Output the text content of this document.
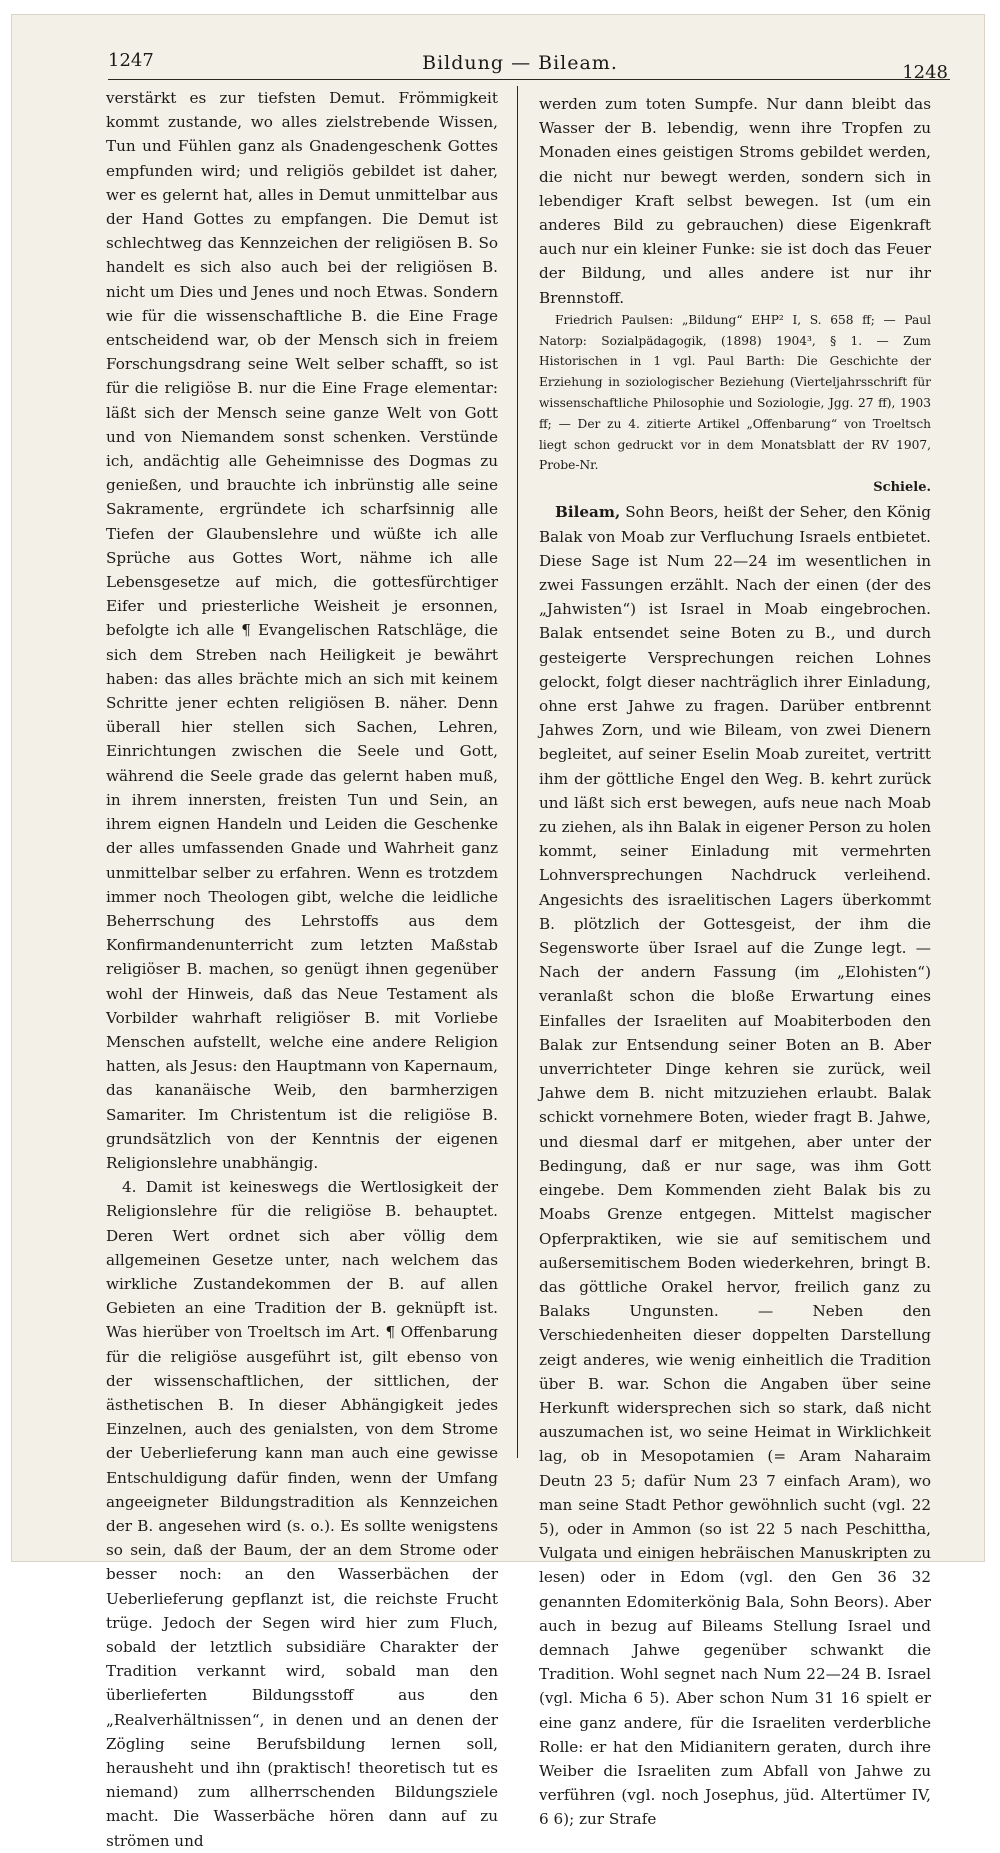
1247	Bildung — Bileam.	1248

verstärkt es zur tiefsten Demut. Frömmigkeit kommt zustande, wo alles zielstrebende Wissen, Tun und Fühlen ganz als Gnadengeschenk Gottes empfunden wird; und religiös gebildet ist daher, wer es gelernt hat, alles in Demut unmittelbar aus der Hand Gottes zu empfangen. Die Demut ist schlechtweg das Kennzeichen der religiösen B. So handelt es sich also auch bei der religiösen B. nicht um Dies und Jenes und noch Etwas. Sondern wie für die wissenschaftliche B. die Eine Frage entscheidend war, ob der Mensch sich in freiem Forschungsdrang seine Welt selber schafft, so ist für die religiöse B. nur die Eine Frage elementar: läßt sich der Mensch seine ganze Welt von Gott und von Niemandem sonst schenken. Verstünde ich, andächtig alle Geheimnisse des Dogmas zu genießen, und brauchte ich inbrünstig alle seine Sakramente, ergründete ich scharfsinnig alle Tiefen der Glaubenslehre und wüßte ich alle Sprüche aus Gottes Wort, nähme ich alle Lebensgesetze auf mich, die gottesfürchtiger Eifer und priesterliche Weisheit je ersonnen, befolgte ich alle ¶ Evangelischen Ratschläge, die sich dem Streben nach Heiligkeit je bewährt haben: das alles brächte mich an sich mit keinem Schritte jener echten religiösen B. näher. Denn überall hier stellen sich Sachen, Lehren, Einrichtungen zwischen die Seele und Gott, während die Seele grade das gelernt haben muß, in ihrem innersten, freisten Tun und Sein, an ihrem eignen Handeln und Leiden die Geschenke der alles umfassenden Gnade und Wahrheit ganz unmittelbar selber zu erfahren. Wenn es trotzdem immer noch Theologen gibt, welche die leidliche Beherrschung des Lehrstoffs aus dem Konfirmandenunterricht zum letzten Maßstab religiöser B. machen, so genügt ihnen gegenüber wohl der Hinweis, daß das Neue Testament als Vorbilder wahrhaft religiöser B. mit Vorliebe Menschen aufstellt, welche eine andere Religion hatten, als Jesus: den Hauptmann von Kapernaum, das kananäische Weib, den barmherzigen Samariter. Im Christentum ist die religiöse B. grundsätzlich von der Kenntnis der eigenen Religionslehre unabhängig.

4. Damit ist keineswegs die Wertlosigkeit der Religionslehre für die religiöse B. behauptet. Deren Wert ordnet sich aber völlig dem allgemeinen Gesetze unter, nach welchem das wirkliche Zustandekommen der B. auf allen Gebieten an eine Tradition der B. geknüpft ist. Was hierüber von Troeltsch im Art. ¶ Offenbarung für die religiöse ausgeführt ist, gilt ebenso von der wissenschaftlichen, der sittlichen, der ästhetischen B. In dieser Abhängigkeit jedes Einzelnen, auch des genialsten, von dem Strome der Ueberlieferung kann man auch eine gewisse Entschuldigung dafür finden, wenn der Umfang angeeigneter Bildungstradition als Kennzeichen der B. angesehen wird (s. o.). Es sollte wenigstens so sein, daß der Baum, der an dem Strome oder besser noch: an den Wasserbächen der Ueberlieferung gepflanzt ist, die reichste Frucht trüge. Jedoch der Segen wird hier zum Fluch, sobald der letztlich subsidiäre Charakter der Tradition verkannt wird, sobald man den überlieferten Bildungsstoff aus den „Realverhältnissen“, in denen und an denen der Zögling seine Berufsbildung lernen soll, herausheht und ihn (praktisch! theoretisch tut es niemand) zum allherrschenden Bildungsziele macht. Die Wasserbäche hören dann auf zu strömen und

werden zum toten Sumpfe. Nur dann bleibt das Wasser der B. lebendig, wenn ihre Tropfen zu Monaden eines geistigen Stroms gebildet werden, die nicht nur bewegt werden, sondern sich in lebendiger Kraft selbst bewegen. Ist (um ein anderes Bild zu gebrauchen) diese Eigenkraft auch nur ein kleiner Funke: sie ist doch das Feuer der Bildung, und alles andere ist nur ihr Brennstoff.

Friedrich Paulsen: „Bildung“ EHP² I, S. 658 ff; — Paul Natorp: Sozialpädagogik, (1898) 1904³, § 1. — Zum Historischen in 1 vgl. Paul Barth: Die Geschichte der Erziehung in soziologischer Beziehung (Vierteljahrsschrift für wissenschaftliche Philosophie und Soziologie, Jgg. 27 ff), 1903 ff; — Der zu 4. zitierte Artikel „Offenbarung“ von Troeltsch liegt schon gedruckt vor in dem Monatsblatt der RV 1907, Probe-Nr.

Schiele.

Bileam, Sohn Beors, heißt der Seher, den König Balak von Moab zur Verfluchung Israels entbietet. Diese Sage ist Num 22—24 im wesentlichen in zwei Fassungen erzählt. Nach der einen (der des „Jahwisten“) ist Israel in Moab eingebrochen. Balak entsendet seine Boten zu B., und durch gesteigerte Versprechungen reichen Lohnes gelockt, folgt dieser nachträglich ihrer Einladung, ohne erst Jahwe zu fragen. Darüber entbrennt Jahwes Zorn, und wie Bileam, von zwei Dienern begleitet, auf seiner Eselin Moab zureitet, vertritt ihm der göttliche Engel den Weg. B. kehrt zurück und läßt sich erst bewegen, aufs neue nach Moab zu ziehen, als ihn Balak in eigener Person zu holen kommt, seiner Einladung mit vermehrten Lohnversprechungen Nachdruck verleihend. Angesichts des israelitischen Lagers überkommt B. plötzlich der Gottesgeist, der ihm die Segensworte über Israel auf die Zunge legt. — Nach der andern Fassung (im „Elohisten“) veranlaßt schon die bloße Erwartung eines Einfalles der Israeliten auf Moabiterboden den Balak zur Entsendung seiner Boten an B. Aber unverrichteter Dinge kehren sie zurück, weil Jahwe dem B. nicht mitzuziehen erlaubt. Balak schickt vornehmere Boten, wieder fragt B. Jahwe, und diesmal darf er mitgehen, aber unter der Bedingung, daß er nur sage, was ihm Gott eingebe. Dem Kommenden zieht Balak bis zu Moabs Grenze entgegen. Mittelst magischer Opferpraktiken, wie sie auf semitischem und außersemitischem Boden wiederkehren, bringt B. das göttliche Orakel hervor, freilich ganz zu Balaks Ungunsten. — Neben den Verschiedenheiten dieser doppelten Darstellung zeigt anderes, wie wenig einheitlich die Tradition über B. war. Schon die Angaben über seine Herkunft widersprechen sich so stark, daß nicht auszumachen ist, wo seine Heimat in Wirklichkeit lag, ob in Mesopotamien (= Aram Naharaim Deutn 23 5; dafür Num 23 7 einfach Aram), wo man seine Stadt Pethor gewöhnlich sucht (vgl. 22 5), oder in Ammon (so ist 22 5 nach Peschittha, Vulgata und einigen hebräischen Manuskripten zu lesen) oder in Edom (vgl. den Gen 36 32 genannten Edomiterkönig Bala, Sohn Beors). Aber auch in bezug auf Bileams Stellung Israel und demnach Jahwe gegenüber schwankt die Tradition. Wohl segnet nach Num 22—24 B. Israel (vgl. Micha 6 5). Aber schon Num 31 16 spielt er eine ganz andere, für die Israeliten verderbliche Rolle: er hat den Midianitern geraten, durch ihre Weiber die Israeliten zum Abfall von Jahwe zu verführen (vgl. noch Josephus, jüd. Altertümer IV, 6 6); zur Strafe
